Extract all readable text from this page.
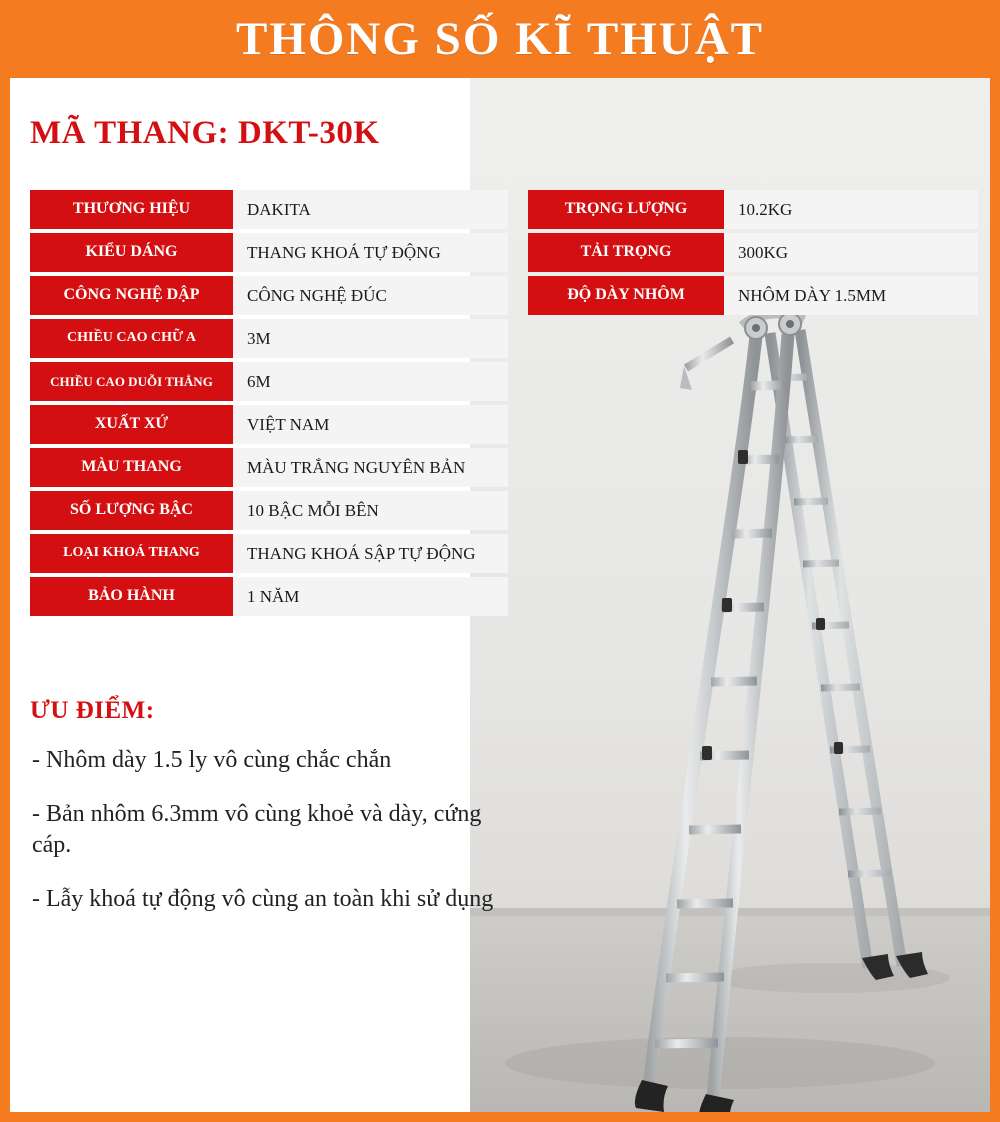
THÔNG SỐ KĨ THUẬT
MÃ THANG: DKT-30K
THƯƠNG HIỆU	DAKITA
KIỂU DÁNG	THANG KHOÁ TỰ ĐỘNG
CÔNG NGHỆ DẬP	CÔNG NGHỆ ĐÚC
CHIỀU CAO CHỮ A	3M
CHIỀU CAO DUỖI THẲNG	6M
XUẤT XỨ	VIỆT NAM
MÀU THANG	MÀU TRẮNG NGUYÊN BẢN
SỐ LƯỢNG BẬC	10 BẬC MỖI BÊN
LOẠI KHOÁ THANG	THANG KHOÁ SẬP TỰ ĐỘNG
BẢO HÀNH	1 NĂM
TRỌNG LƯỢNG	10.2KG
TẢI TRỌNG	300KG
ĐỘ DÀY NHÔM	NHÔM DÀY 1.5MM
ƯU ĐIỂM:
- Nhôm dày 1.5 ly vô cùng chắc chắn
- Bản nhôm 6.3mm vô cùng khoẻ và dày, cứng cáp.
- Lẫy khoá tự động vô cùng an toàn khi sử dụng
